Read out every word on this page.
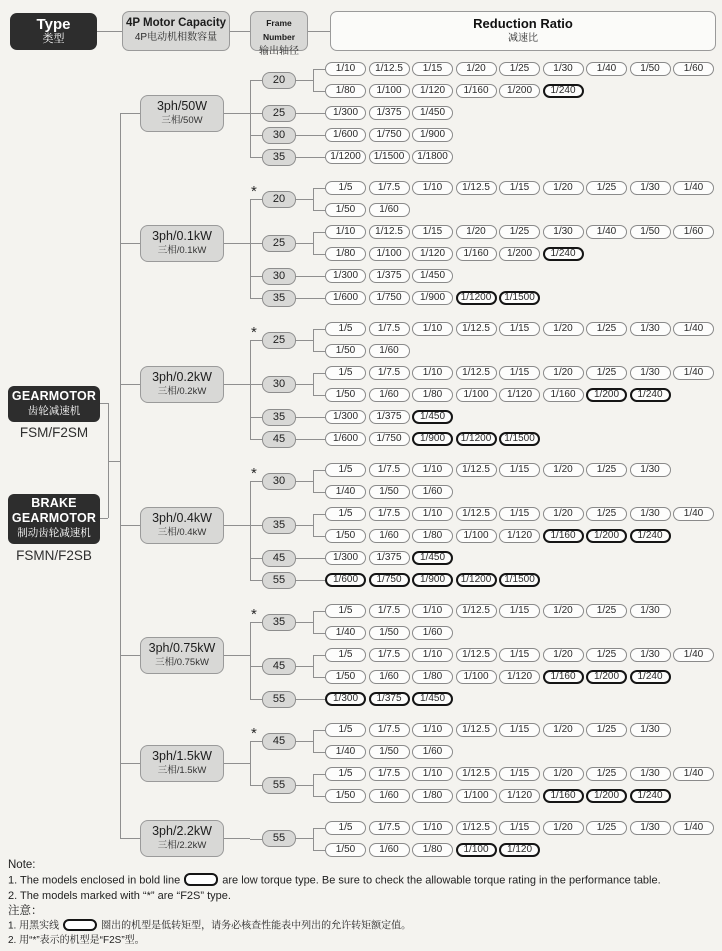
Type
类型
4P Motor Capacity
4P电动机相数容量
Frame Number
输出轴径
Reduction Ratio
减速比
GEARMOTOR
齿轮减速机
FSM/F2SM
BRAKE GEARMOTOR
制动齿轮减速机
FSMN/F2SB
3ph/50W
三相/50W
20
1/10	1/12.5	1/15	1/20	1/25	1/30	1/40	1/50	1/60
1/80	1/100	1/120	1/160	1/200	1/240
25	1/300	1/375	1/450
30	1/600	1/750	1/900
35	1/1200	1/1500	1/1800
3ph/0.1kW
三相/0.1kW
*	20
1/5	1/7.5	1/10	1/12.5	1/15	1/20	1/25	1/30	1/40
1/50	1/60
25
1/10	1/12.5	1/15	1/20	1/25	1/30	1/40	1/50	1/60
1/80	1/100	1/120	1/160	1/200	1/240
30	1/300	1/375	1/450
35	1/600	1/750	1/900	1/1200	1/1500
3ph/0.2kW
三相/0.2kW
*	25
1/5	1/7.5	1/10	1/12.5	1/15	1/20	1/25	1/30	1/40
1/50	1/60
30
1/5	1/7.5	1/10	1/12.5	1/15	1/20	1/25	1/30	1/40
1/50	1/60	1/80	1/100	1/120	1/160	1/200	1/240
35	1/300	1/375	1/450
45	1/600	1/750	1/900	1/1200	1/1500
3ph/0.4kW
三相/0.4kW
*	30
1/5	1/7.5	1/10	1/12.5	1/15	1/20	1/25	1/30
1/40	1/50	1/60
35
1/5	1/7.5	1/10	1/12.5	1/15	1/20	1/25	1/30	1/40
1/50	1/60	1/80	1/100	1/120	1/160	1/200	1/240
45	1/300	1/375	1/450
55	1/600	1/750	1/900	1/1200	1/1500
3ph/0.75kW
三相/0.75kW
*	35
1/5	1/7.5	1/10	1/12.5	1/15	1/20	1/25	1/30
1/40	1/50	1/60
45
1/5	1/7.5	1/10	1/12.5	1/15	1/20	1/25	1/30	1/40
1/50	1/60	1/80	1/100	1/120	1/160	1/200	1/240
55	1/300	1/375	1/450
3ph/1.5kW
三相/1.5kW
*	45
1/5	1/7.5	1/10	1/12.5	1/15	1/20	1/25	1/30
1/40	1/50	1/60
55
1/5	1/7.5	1/10	1/12.5	1/15	1/20	1/25	1/30	1/40
1/50	1/60	1/80	1/100	1/120	1/160	1/200	1/240
3ph/2.2kW
三相/2.2kW
55
1/5	1/7.5	1/10	1/12.5	1/15	1/20	1/25	1/30	1/40
1/50	1/60	1/80	1/100	1/120
Note:
1. The models enclosed in bold line	are low torque type. Be sure to check the allowable torque rating in the performance table.
2. The models marked with “*” are “F2S” type.
注意：
1. 用黑实线	圈出的机型是低转矩型，请务必核查性能表中列出的允许转矩额定值。
2. 用“*”表示的机型是“F2S”型。
